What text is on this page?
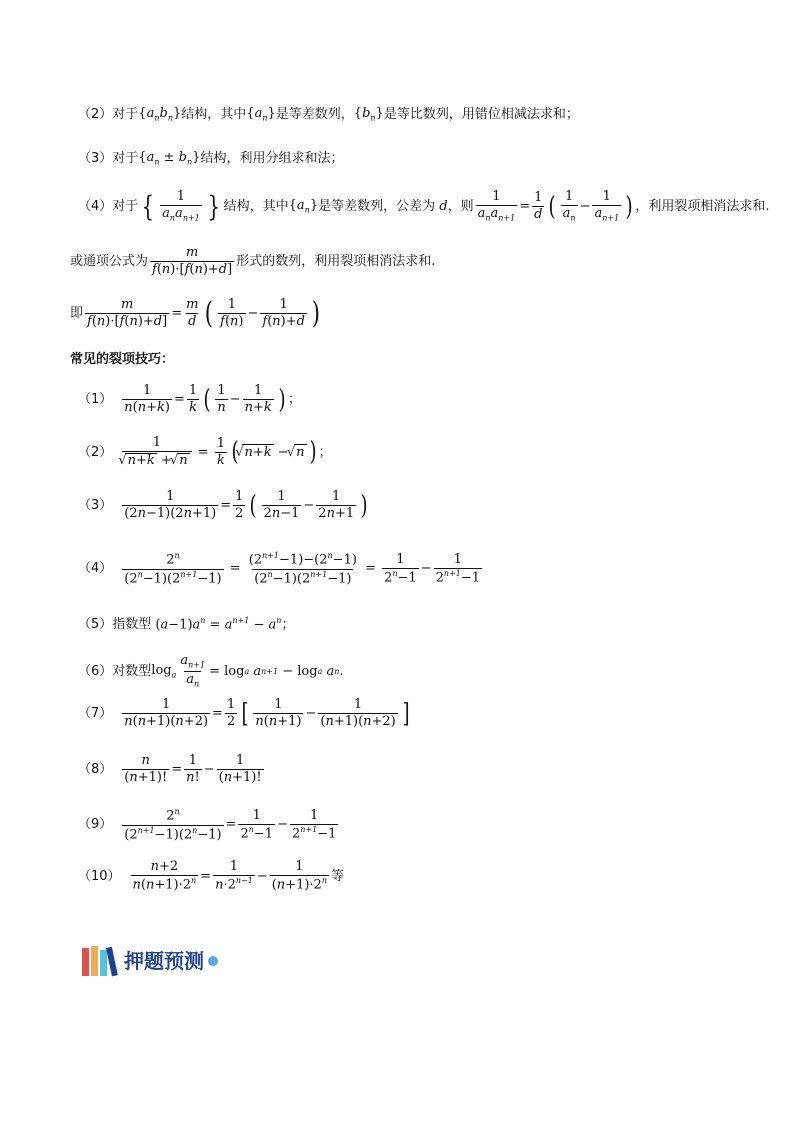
（2） 对于 $\{a_nb_n\}$ 结构，其中 $\{a_n\}$ 是等差数列， $\{b_n\}$ 是等比数列，用错位相减法求和；
（3） 对于 $\{a_n \pm b_n\}$ 结构，利用分组求和法；
（4） 对于 { $\frac{1}{a_na_{n+1}}$ } 结构，其中 $\{a_n\}$ 是等差数列，公差为 d ，则 $\frac{1}{a_na_{n+1}} = \frac{1}{d}$ ( $\frac{1}{a_n} - \frac{1}{a_{n+1}}$ ) ，利用裂项相消法求和.
或通项公式为 $\frac{m}{f(n)\cdot[f(n)+d]}$ 形式的数列，利用裂项相消法求和.
即 $\frac{m}{f(n)\cdot[f(n)+d]} = \frac{m}{d}$ ( $\frac{1}{f(n)} - \frac{1}{f(n)+d}$ )
常见的裂项技巧：
$(1) \frac{1}{n(n+k)} = \frac{1}{k}$ ( $\frac{1}{n} - \frac{1}{n+k}$ ) ；
（2） 1
√ n+k + √ $n = \frac{1}{k}$ ( √ n+k − √ n ) ；
$(3) \frac{1}{(2n-1)(2n+1)} = \frac{1}{2}$ ( $\frac{1}{2n-1} - \frac{1}{2n+1}$ )
$(4) \frac{2^n}{(2^n-1)(2^{n+1}-1)} = \frac{(2^{n+1}-1)-(2^n-1)}{(2^n-1)(2^{n+1}-1)} = \frac{1}{2^n-1} - \frac{1}{2^{n+1}-1}$
（5） 指数型 $(a-1)a^n = a^{n+1} - a^n$；
（6） 对数型 $\log_a \frac{a_{n+1}}{a_n} = \log a$
a n+1 − log a
a n .
$(7) \frac{1}{n(n+1)(n+2)} = \frac{1}{2}$ [ $\frac{1}{n(n+1)} - \frac{1}{(n+1)(n+2)}$ ]
$(8) \frac{n}{(n+1)!} = \frac{1}{n!} - \frac{1}{(n+1)!}$
$(9) \frac{2^n}{(2^{n+1}-1)(2^n-1)} = \frac{1}{2^n-1} - \frac{1}{2^{n+1}-1}$
$(10) \frac{n+2}{n(n+1)\cdot 2^n} = \frac{1}{n\cdot 2^{n-1}} - \frac{1}{(n+1)\cdot 2^n}$ 等
押题预测
